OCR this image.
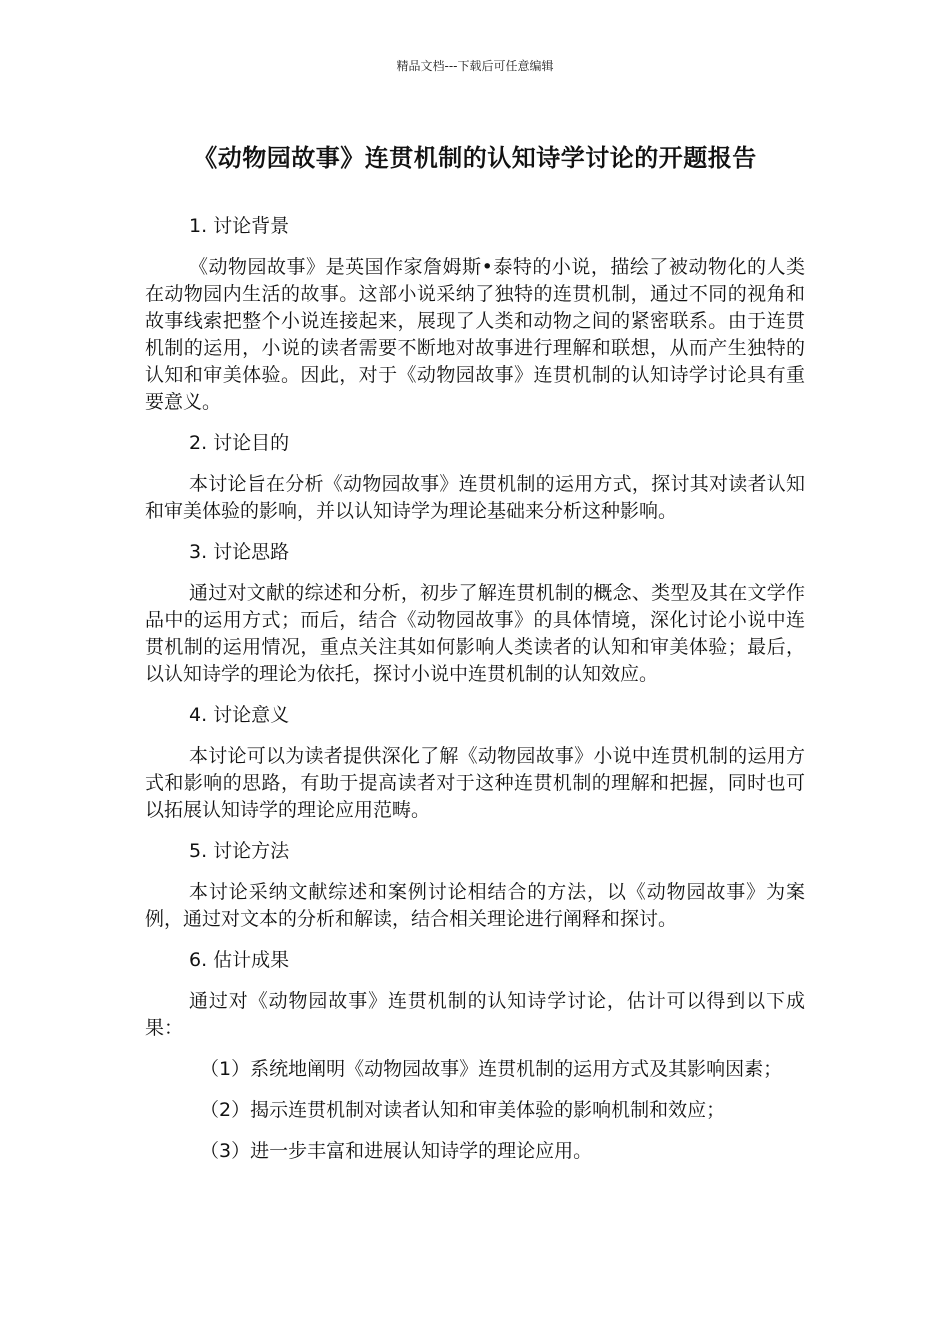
精品文档---下载后可任意编辑
《动物园故事》连贯机制的认知诗学讨论的开题报告
1. 讨论背景
《动物园故事》是英国作家詹姆斯•泰特的小说，描绘了被动物化的人类在动物园内生活的故事。这部小说采纳了独特的连贯机制，通过不同的视角和故事线索把整个小说连接起来，展现了人类和动物之间的紧密联系。由于连贯机制的运用，小说的读者需要不断地对故事进行理解和联想，从而产生独特的认知和审美体验。因此，对于《动物园故事》连贯机制的认知诗学讨论具有重要意义。
2. 讨论目的
本讨论旨在分析《动物园故事》连贯机制的运用方式，探讨其对读者认知和审美体验的影响，并以认知诗学为理论基础来分析这种影响。
3. 讨论思路
通过对文献的综述和分析，初步了解连贯机制的概念、类型及其在文学作品中的运用方式；而后，结合《动物园故事》的具体情境，深化讨论小说中连贯机制的运用情况，重点关注其如何影响人类读者的认知和审美体验；最后，以认知诗学的理论为依托，探讨小说中连贯机制的认知效应。
4. 讨论意义
本讨论可以为读者提供深化了解《动物园故事》小说中连贯机制的运用方式和影响的思路，有助于提高读者对于这种连贯机制的理解和把握，同时也可以拓展认知诗学的理论应用范畴。
5. 讨论方法
本讨论采纳文献综述和案例讨论相结合的方法，以《动物园故事》为案例，通过对文本的分析和解读，结合相关理论进行阐释和探讨。
6. 估计成果
通过对《动物园故事》连贯机制的认知诗学讨论，估计可以得到以下成果：
（1）系统地阐明《动物园故事》连贯机制的运用方式及其影响因素；
（2）揭示连贯机制对读者认知和审美体验的影响机制和效应；
（3）进一步丰富和进展认知诗学的理论应用。
